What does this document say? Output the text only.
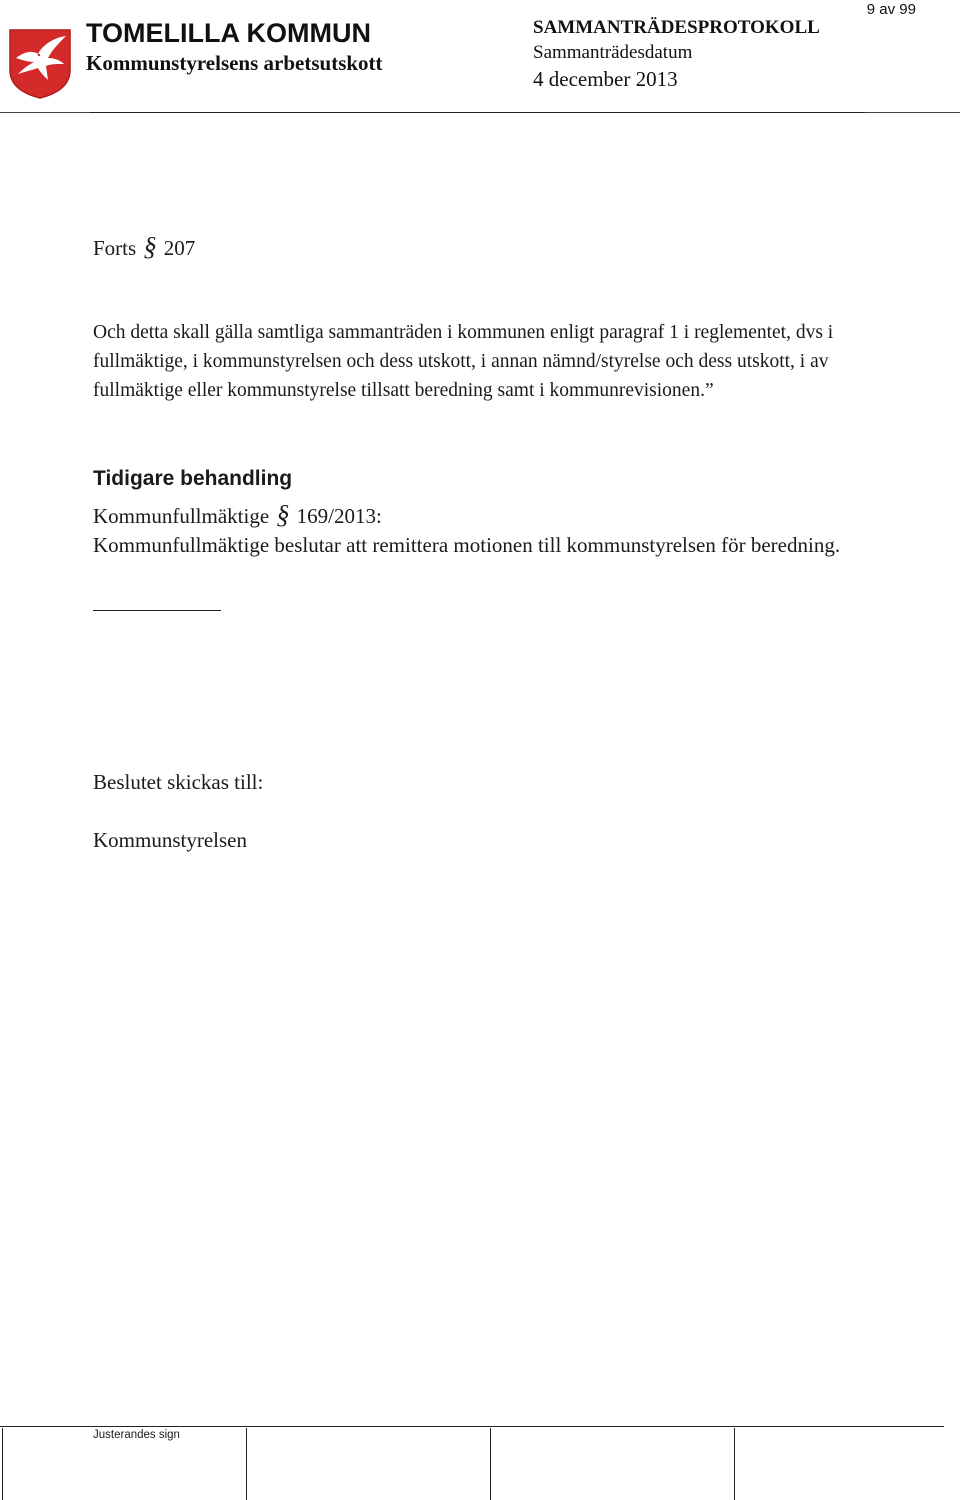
TOMELILLA KOMMUN
Kommunstyrelsens arbetsutskott
SAMMANTRÄDESPROTOKOLL
Sammanträdesdatum
4 december 2013
9 av 99
Forts § 207
Och detta skall gälla samtliga sammanträden i kommunen enligt paragraf 1 i reglementet, dvs i fullmäktige, i kommunstyrelsen och dess utskott, i annan nämnd/styrelse och dess utskott, i av fullmäktige eller kommunstyrelse tillsatt beredning samt i kommunrevisionen.”
Tidigare behandling
Kommunfullmäktige § 169/2013:
Kommunfullmäktige beslutar att remittera motionen till kommunstyrelsen för beredning.
Beslutet skickas till:
Kommunstyrelsen
Justerandes sign
